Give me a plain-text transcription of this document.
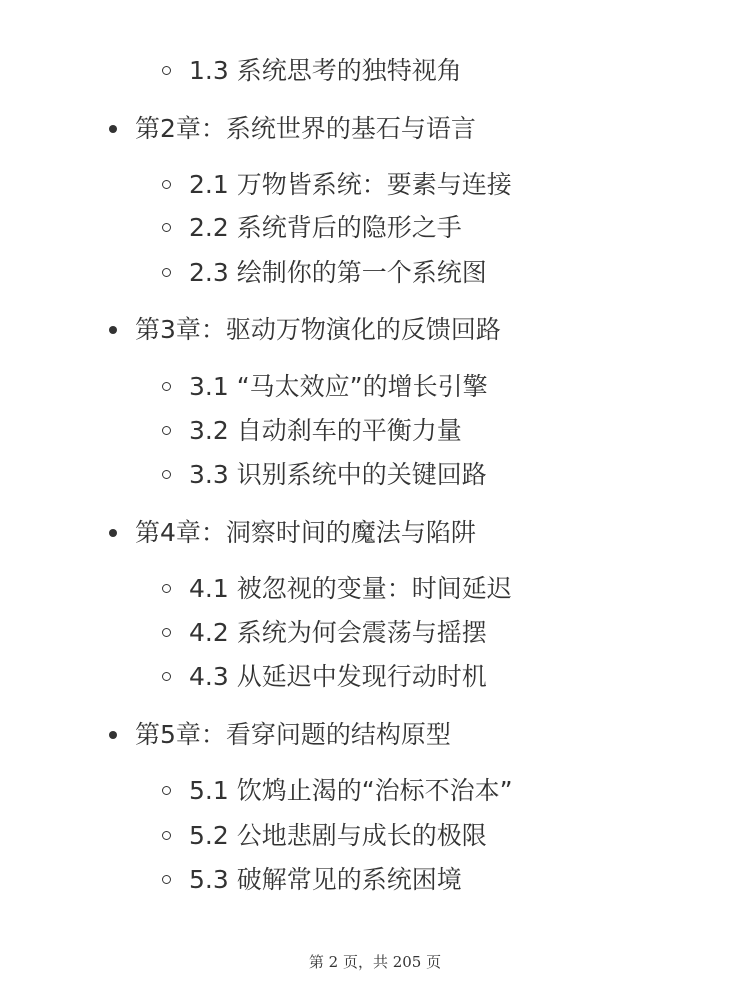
1.3 系统思考的独特视角
第2章：系统世界的基石与语言
2.1 万物皆系统：要素与连接
2.2 系统背后的隐形之手
2.3 绘制你的第一个系统图
第3章：驱动万物演化的反馈回路
3.1 “马太效应”的增长引擎
3.2 自动刹车的平衡力量
3.3 识别系统中的关键回路
第4章：洞察时间的魔法与陷阱
4.1 被忽视的变量：时间延迟
4.2 系统为何会震荡与摇摆
4.3 从延迟中发现行动时机
第5章：看穿问题的结构原型
5.1 饮鸩止渴的“治标不治本”
5.2 公地悲剧与成长的极限
5.3 破解常见的系统困境
第 2 页，共 205 页
